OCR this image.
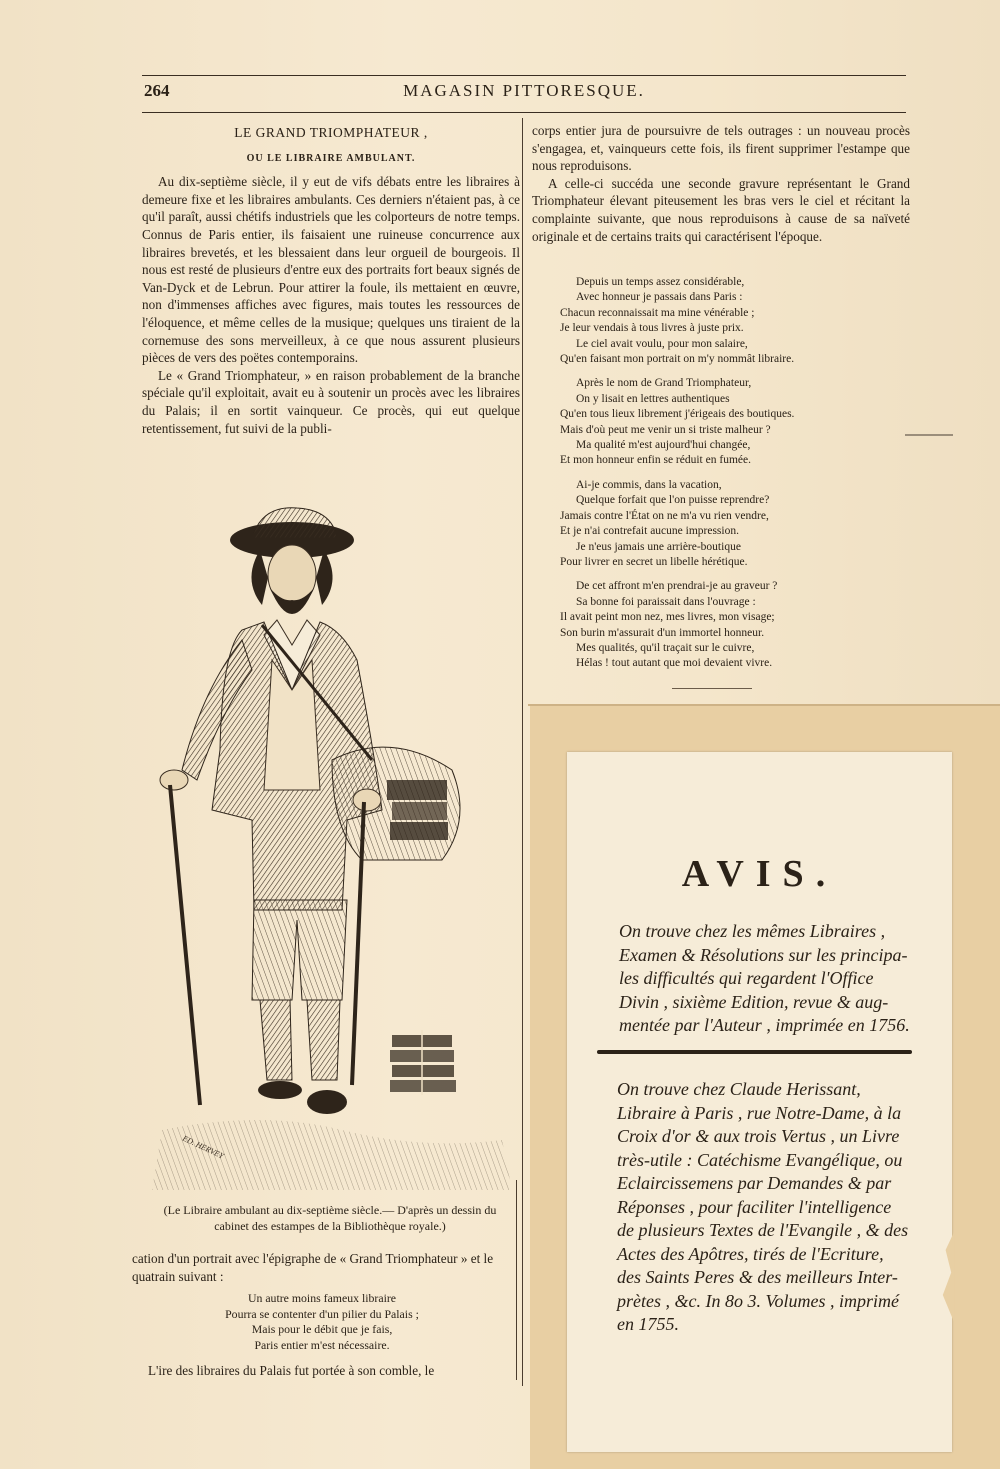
264	MAGASIN PITTORESQUE.
LE GRAND TRIOMPHATEUR ,
OU LE LIBRAIRE AMBULANT.

Au dix-septième siècle, il y eut de vifs débats entre les libraires à demeure fixe et les libraires ambulants. Ces derniers n'étaient pas, à ce qu'il paraît, aussi chétifs industriels que les colporteurs de notre temps. Connus de Paris entier, ils faisaient une ruineuse concurrence aux libraires brevetés, et les blessaient dans leur orgueil de bourgeois. Il nous est resté de plusieurs d'entre eux des portraits fort beaux signés de Van-Dyck et de Lebrun. Pour attirer la foule, ils mettaient en œuvre, non d'immenses affiches avec figures, mais toutes les ressources de l'éloquence, et même celles de la musique; quelques uns tiraient de la cornemuse des sons merveilleux, à ce que nous assurent plusieurs pièces de vers des poëtes contemporains.

Le « Grand Triomphateur, » en raison probablement de la branche spéciale qu'il exploitait, avait eu à soutenir un procès avec les libraires du Palais; il en sortit vainqueur. Ce procès, qui eut quelque retentissement, fut suivi de la publi-

ED. HERVEY
(Le Libraire ambulant au dix-septième siècle.— D'après un dessin du cabinet des estampes de la Bibliothèque royale.)

cation d'un portrait avec l'épigraphe de « Grand Triomphateur » et le quatrain suivant :

Un autre moins fameux libraire
Pourra se contenter d'un pilier du Palais ;
Mais pour le débit que je fais,
Paris entier m'est nécessaire.

L'ire des libraires du Palais fut portée à son comble, le

corps entier jura de poursuivre de tels outrages : un nouveau procès s'engagea, et, vainqueurs cette fois, ils firent supprimer l'estampe que nous reproduisons.

A celle-ci succéda une seconde gravure représentant le Grand Triomphateur élevant piteusement les bras vers le ciel et récitant la complainte suivante, que nous reproduisons à cause de sa naïveté originale et de certains traits qui caractérisent l'époque.

Depuis un temps assez considérable,
Avec honneur je passais dans Paris :
Chacun reconnaissait ma mine vénérable ;
Je leur vendais à tous livres à juste prix.
Le ciel avait voulu, pour mon salaire,
Qu'en faisant mon portrait on m'y nommât libraire.
Après le nom de Grand Triomphateur,
On y lisait en lettres authentiques
Qu'en tous lieux librement j'érigeais des boutiques.
Mais d'où peut me venir un si triste malheur ?
Ma qualité m'est aujourd'hui changée,
Et mon honneur enfin se réduit en fumée.
Ai-je commis, dans la vacation,
Quelque forfait que l'on puisse reprendre?
Jamais contre l'État on ne m'a vu rien vendre,
Et je n'ai contrefait aucune impression.
Je n'eus jamais une arrière-boutique
Pour livrer en secret un libelle hérétique.
De cet affront m'en prendrai-je au graveur ?
Sa bonne foi paraissait dans l'ouvrage :
Il avait peint mon nez, mes livres, mon visage;
Son burin m'assurait d'un immortel honneur.
Mes qualités, qu'il traçait sur le cuivre,
Hélas ! tout autant que moi devaient vivre.

AVIS.
On trouve chez les mêmes Libraires ,
Examen & Résolutions sur les principa-
les difficultés qui regardent l'Office
Divin , sixième Edition, revue & aug-
mentée par l'Auteur , imprimée en 1756.
On trouve chez Claude Herissant,
Libraire à Paris , rue Notre-Dame, à la
Croix d'or & aux trois Vertus , un Livre
très-utile : Catéchisme Evangélique, ou
Eclaircissemens par Demandes & par
Réponses , pour faciliter l'intelligence
de plusieurs Textes de l'Evangile , & des
Actes des Apôtres, tirés de l'Ecriture,
des Saints Peres & des meilleurs Inter-
prètes , &c. In 8o 3. Volumes , imprimé
en 1755.
